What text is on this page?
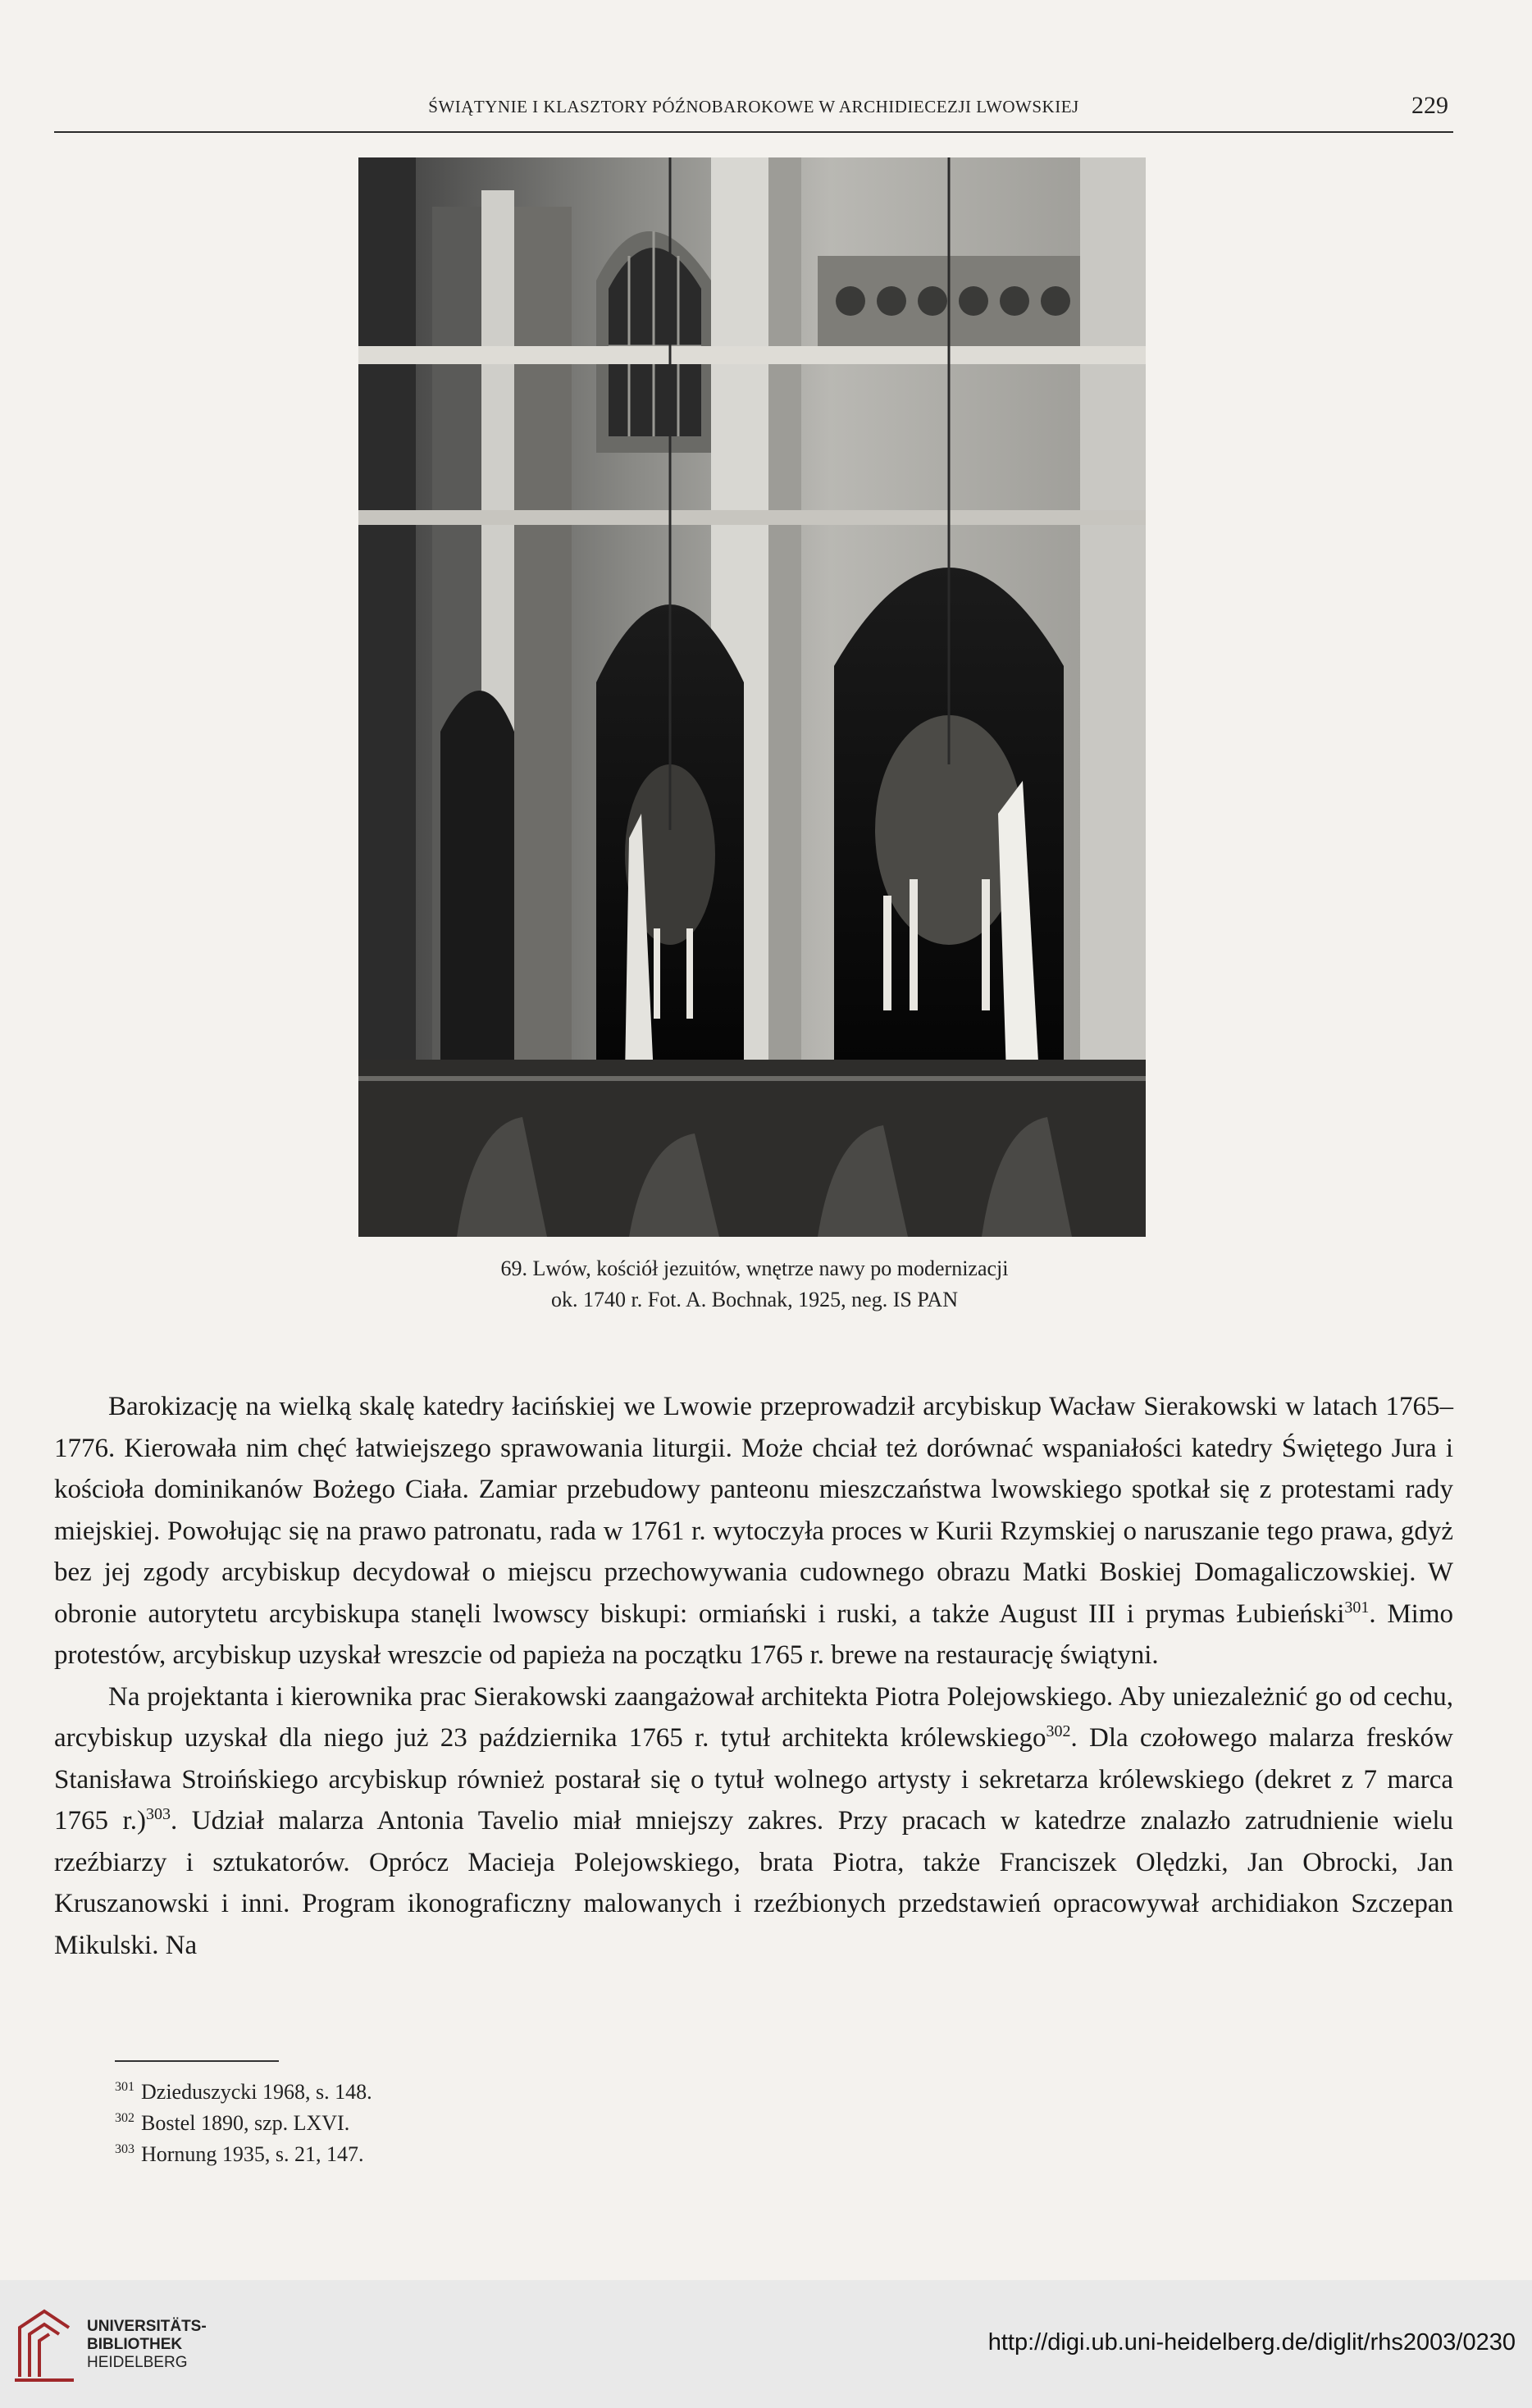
ŚWIĄTYNIE I KLASZTORY PÓŹNOBAROKOWE W ARCHIDIECEZJI LWOWSKIEJ	229
69. Lwów, kościół jezuitów, wnętrze nawy po modernizacji
ok. 1740 r. Fot. A. Bochnak, 1925, neg. IS PAN

Barokizację na wielką skalę katedry łacińskiej we Lwowie przeprowadził arcybiskup Wacław Sierakowski w latach 1765–1776. Kierowała nim chęć łatwiejszego sprawowania liturgii. Może chciał też dorównać wspaniałości katedry Świętego Jura i kościoła dominikanów Bożego Ciała. Zamiar przebudowy panteonu mieszczaństwa lwowskiego spotkał się z protestami rady miejskiej. Powołując się na prawo patronatu, rada w 1761 r. wytoczyła proces w Kurii Rzymskiej o naruszanie tego prawa, gdyż bez jej zgody arcybiskup decydował o miejscu przechowywania cudownego obrazu Matki Boskiej Domagaliczowskiej. W obronie autorytetu arcybiskupa stanęli lwowscy biskupi: ormiański i ruski, a także August III i prymas Łubieński$^{301}$. Mimo protestów, arcybiskup uzyskał wreszcie od papieża na początku 1765 r. brewe na restaurację świątyni.

Na projektanta i kierownika prac Sierakowski zaangażował architekta Piotra Polejowskiego. Aby uniezależnić go od cechu, arcybiskup uzyskał dla niego już 23 października 1765 r. tytuł architekta królewskiego$^{302}$. Dla czołowego malarza fresków Stanisława Stroińskiego arcybiskup również postarał się o tytuł wolnego artysty i sekretarza królewskiego (dekret z 7 marca 1765 r.)$^{303}$. Udział malarza Antonia Tavelio miał mniejszy zakres. Przy pracach w katedrze znalazło zatrudnienie wielu rzeźbiarzy i sztukatorów. Oprócz Macieja Polejowskiego, brata Piotra, także Franciszek Olędzki, Jan Obrocki, Jan Kruszanowski i inni. Program ikonograficzny malowanych i rzeźbionych przedstawień opracowywał archidiakon Szczepan Mikulski. Na

$^{301}$ Dzieduszycki 1968, s. 148.
$^{302}$ Bostel 1890, szp. LXVI.
$^{303}$ Hornung 1935, s. 21, 147.
UNIVERSITÄTS-
BIBLIOTHEK
HEIDELBERG
http://digi.ub.uni-heidelberg.de/diglit/rhs2003/0230
